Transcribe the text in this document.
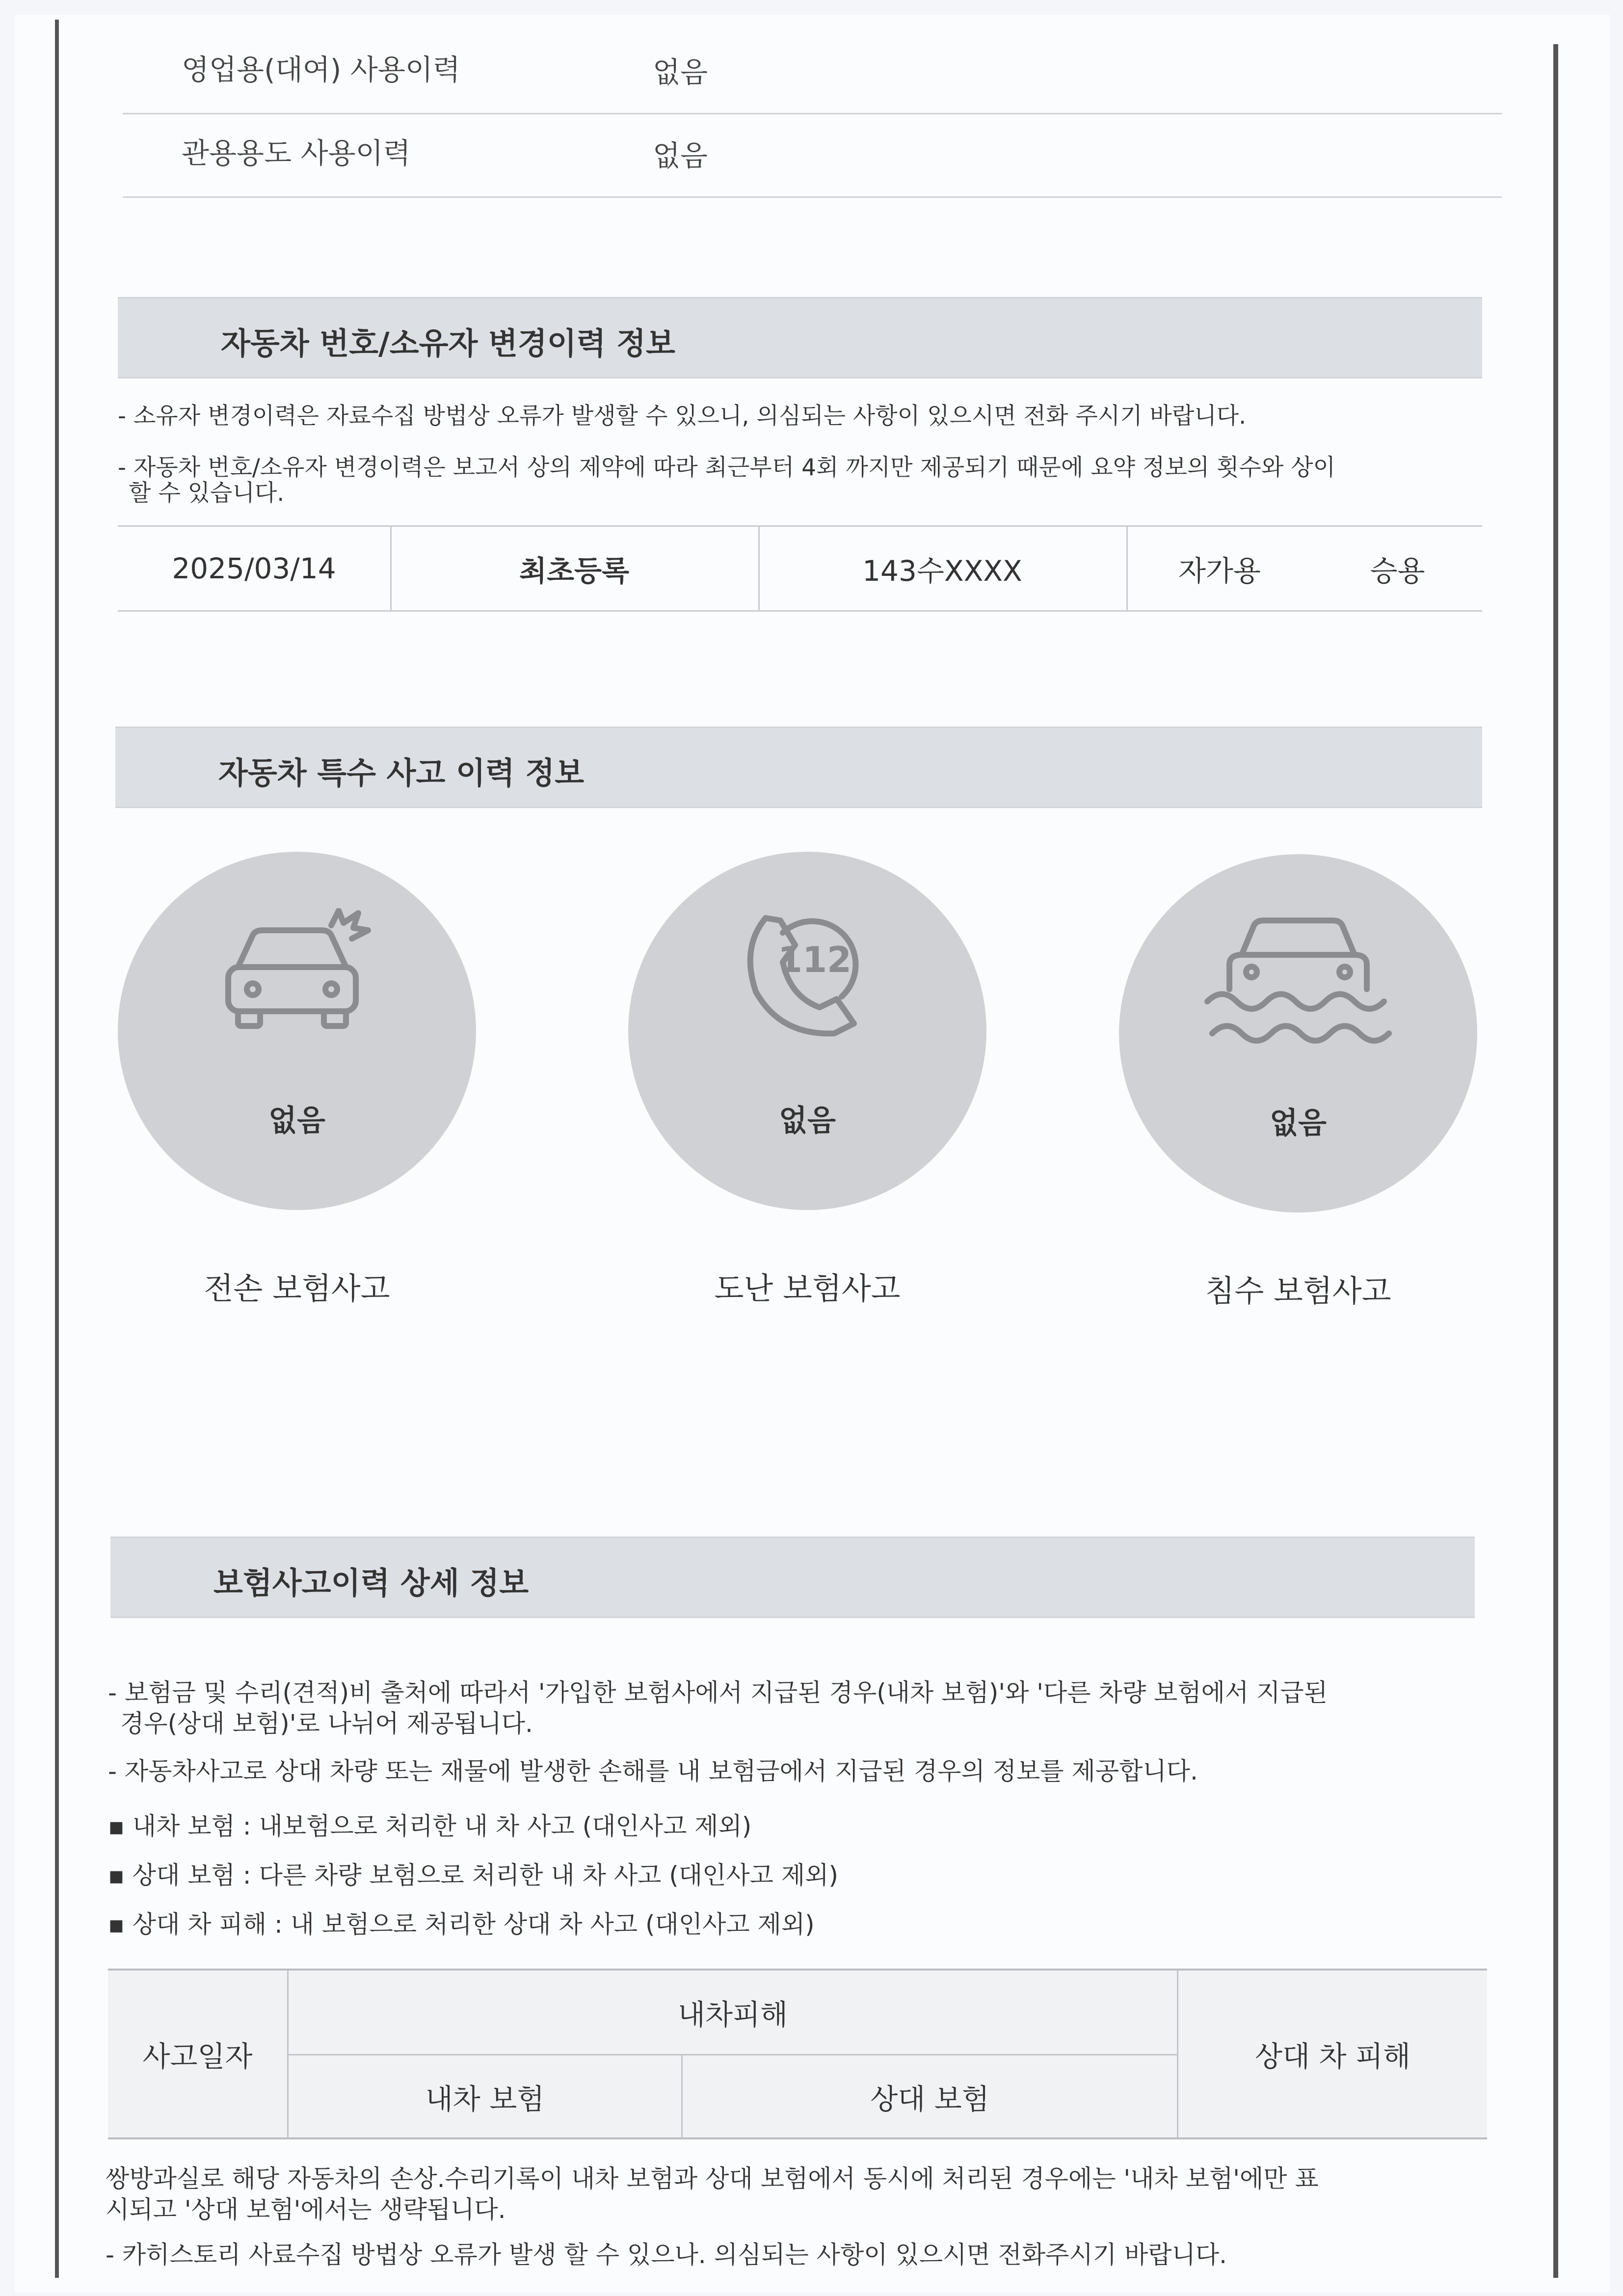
영업용(대여) 사용이력	없음
관용용도 사용이력	없음
자동차 번호/소유자 변경이력 정보
- 소유자 변경이력은 자료수집 방법상 오류가 발생할 수 있으니, 의심되는 사항이 있으시면 전화 주시기 바랍니다.
- 자동차 번호/소유자 변경이력은 보고서 상의 제약에 따라 최근부터 4회 까지만 제공되기 때문에 요약 정보의 횟수와 상이
할 수 있습니다.
2025/03/14	최초등록	143수XXXX	자가용	승용
자동차 특수 사고 이력 정보
없음
전손 보험사고
112
없음
도난 보험사고
없음
침수 보험사고
보험사고이력 상세 정보
- 보험금 및 수리(견적)비 출처에 따라서 '가입한 보험사에서 지급된 경우(내차 보험)'와 '다른 차량 보험에서 지급된
경우(상대 보험)'로 나뉘어 제공됩니다.
- 자동차사고로 상대 차량 또는 재물에 발생한 손해를 내 보험금에서 지급된 경우의 정보를 제공합니다.
▪ 내차 보험 : 내보험으로 처리한 내 차 사고 (대인사고 제외)
▪ 상대 보험 : 다른 차량 보험으로 처리한 내 차 사고 (대인사고 제외)
▪ 상대 차 피해 : 내 보험으로 처리한 상대 차 사고 (대인사고 제외)
사고일자
내차피해
내차 보험	상대 보험
상대 차 피해
쌍방과실로 해당 자동차의 손상.수리기록이 내차 보험과 상대 보험에서 동시에 처리된 경우에는 '내차 보험'에만 표
시되고 '상대 보험'에서는 생략됩니다.
- 카히스토리 사료수집 방법상 오류가 발생 할 수 있으나. 의심되는 사항이 있으시면 전화주시기 바랍니다.
